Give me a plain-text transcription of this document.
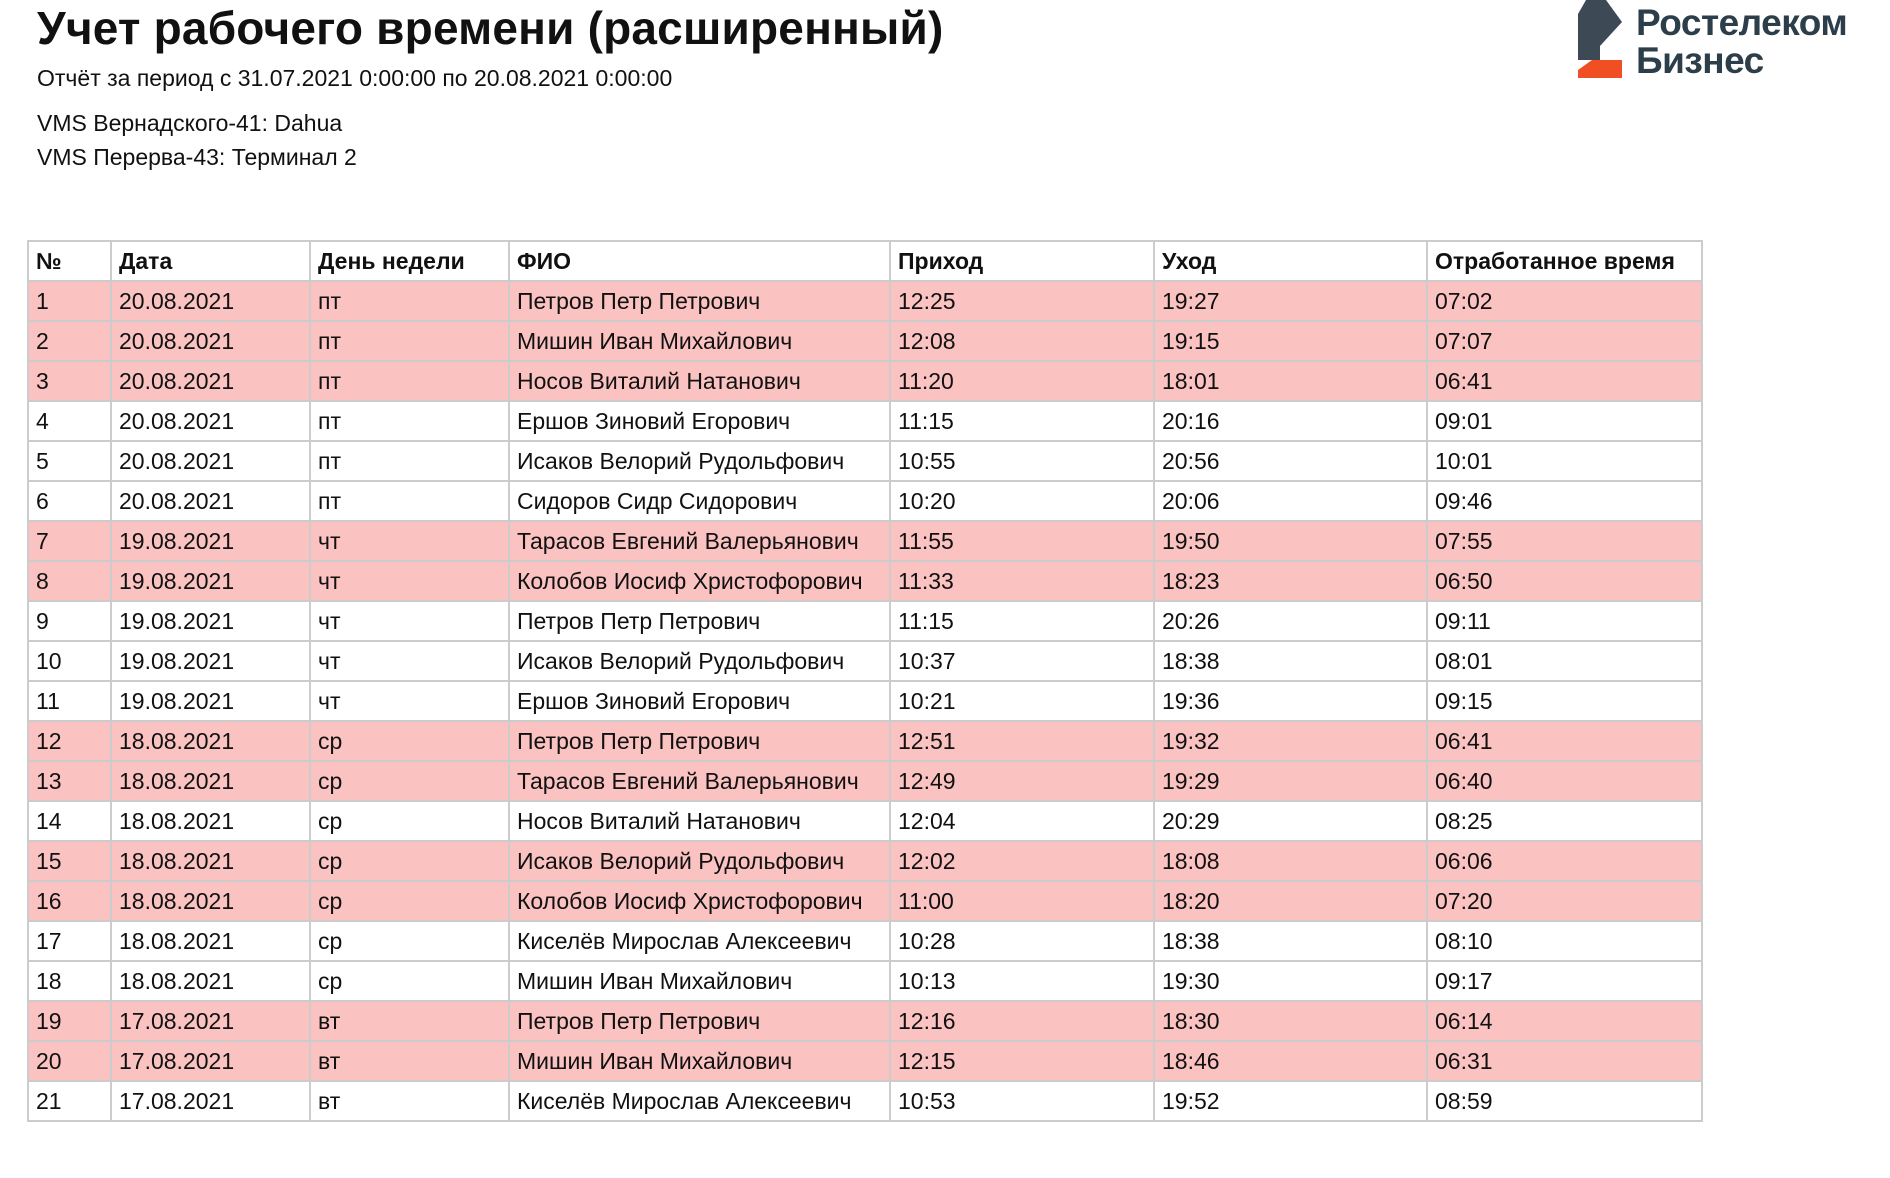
Учет рабочего времени (расширенный)
Отчёт за период с 31.07.2021 0:00:00 по 20.08.2021 0:00:00
VMS Вернадского-41: Dahua
VMS Перерва-43: Терминал 2
Ростелеком
Бизнес
№	Дата	День недели	ФИО	Приход	Уход	Отработанное время
1	20.08.2021	пт	Петров Петр Петрович	12:25	19:27	07:02
2	20.08.2021	пт	Мишин Иван Михайлович	12:08	19:15	07:07
3	20.08.2021	пт	Носов Виталий Натанович	11:20	18:01	06:41
4	20.08.2021	пт	Ершов Зиновий Егорович	11:15	20:16	09:01
5	20.08.2021	пт	Исаков Велорий Рудольфович	10:55	20:56	10:01
6	20.08.2021	пт	Сидоров Сидр Сидорович	10:20	20:06	09:46
7	19.08.2021	чт	Тарасов Евгений Валерьянович	11:55	19:50	07:55
8	19.08.2021	чт	Колобов Иосиф Христофорович	11:33	18:23	06:50
9	19.08.2021	чт	Петров Петр Петрович	11:15	20:26	09:11
10	19.08.2021	чт	Исаков Велорий Рудольфович	10:37	18:38	08:01
11	19.08.2021	чт	Ершов Зиновий Егорович	10:21	19:36	09:15
12	18.08.2021	ср	Петров Петр Петрович	12:51	19:32	06:41
13	18.08.2021	ср	Тарасов Евгений Валерьянович	12:49	19:29	06:40
14	18.08.2021	ср	Носов Виталий Натанович	12:04	20:29	08:25
15	18.08.2021	ср	Исаков Велорий Рудольфович	12:02	18:08	06:06
16	18.08.2021	ср	Колобов Иосиф Христофорович	11:00	18:20	07:20
17	18.08.2021	ср	Киселёв Мирослав Алексеевич	10:28	18:38	08:10
18	18.08.2021	ср	Мишин Иван Михайлович	10:13	19:30	09:17
19	17.08.2021	вт	Петров Петр Петрович	12:16	18:30	06:14
20	17.08.2021	вт	Мишин Иван Михайлович	12:15	18:46	06:31
21	17.08.2021	вт	Киселёв Мирослав Алексеевич	10:53	19:52	08:59
